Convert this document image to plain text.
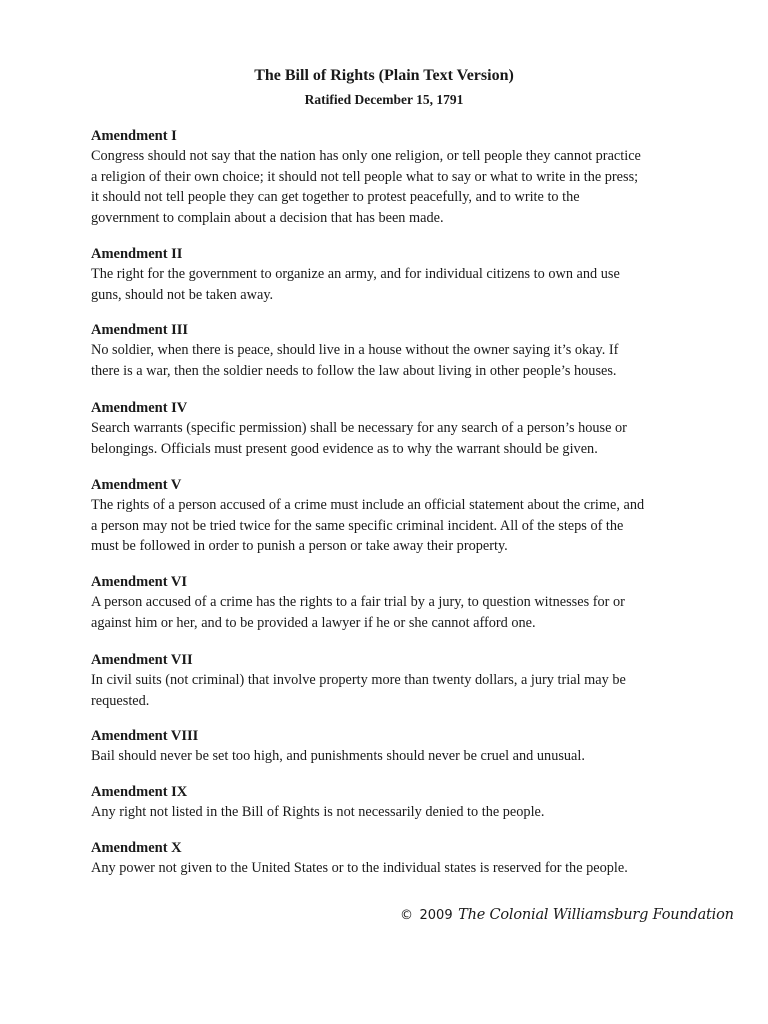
The Bill of Rights (Plain Text Version)
Ratified December 15, 1791
Amendment I
Congress should not say that the nation has only one religion, or tell people they cannot practice
a religion of their own choice; it should not tell people what to say or what to write in the press;
it should not tell people they can get together to protest peacefully, and to write to the
government to complain about a decision that has been made.
Amendment II
The right for the government to organize an army, and for individual citizens to own and use
guns, should not be taken away.
Amendment III
No soldier, when there is peace, should live in a house without the owner saying it’s okay. If
there is a war, then the soldier needs to follow the law about living in other people’s houses.
Amendment IV
Search warrants (specific permission) shall be necessary for any search of a person’s house or
belongings. Officials must present good evidence as to why the warrant should be given.
Amendment V
The rights of a person accused of a crime must include an official statement about the crime, and
a person may not be tried twice for the same specific criminal incident. All of the steps of the
must be followed in order to punish a person or take away their property.
Amendment VI
A person accused of a crime has the rights to a fair trial by a jury, to question witnesses for or
against him or her, and to be provided a lawyer if he or she cannot afford one.
Amendment VII
In civil suits (not criminal) that involve property more than twenty dollars, a jury trial may be
requested.
Amendment VIII
Bail should never be set too high, and punishments should never be cruel and unusual.
Amendment IX
Any right not listed in the Bill of Rights is not necessarily denied to the people.
Amendment X
Any power not given to the United States or to the individual states is reserved for the people.
© 2009 The Colonial Williamsburg Foundation
